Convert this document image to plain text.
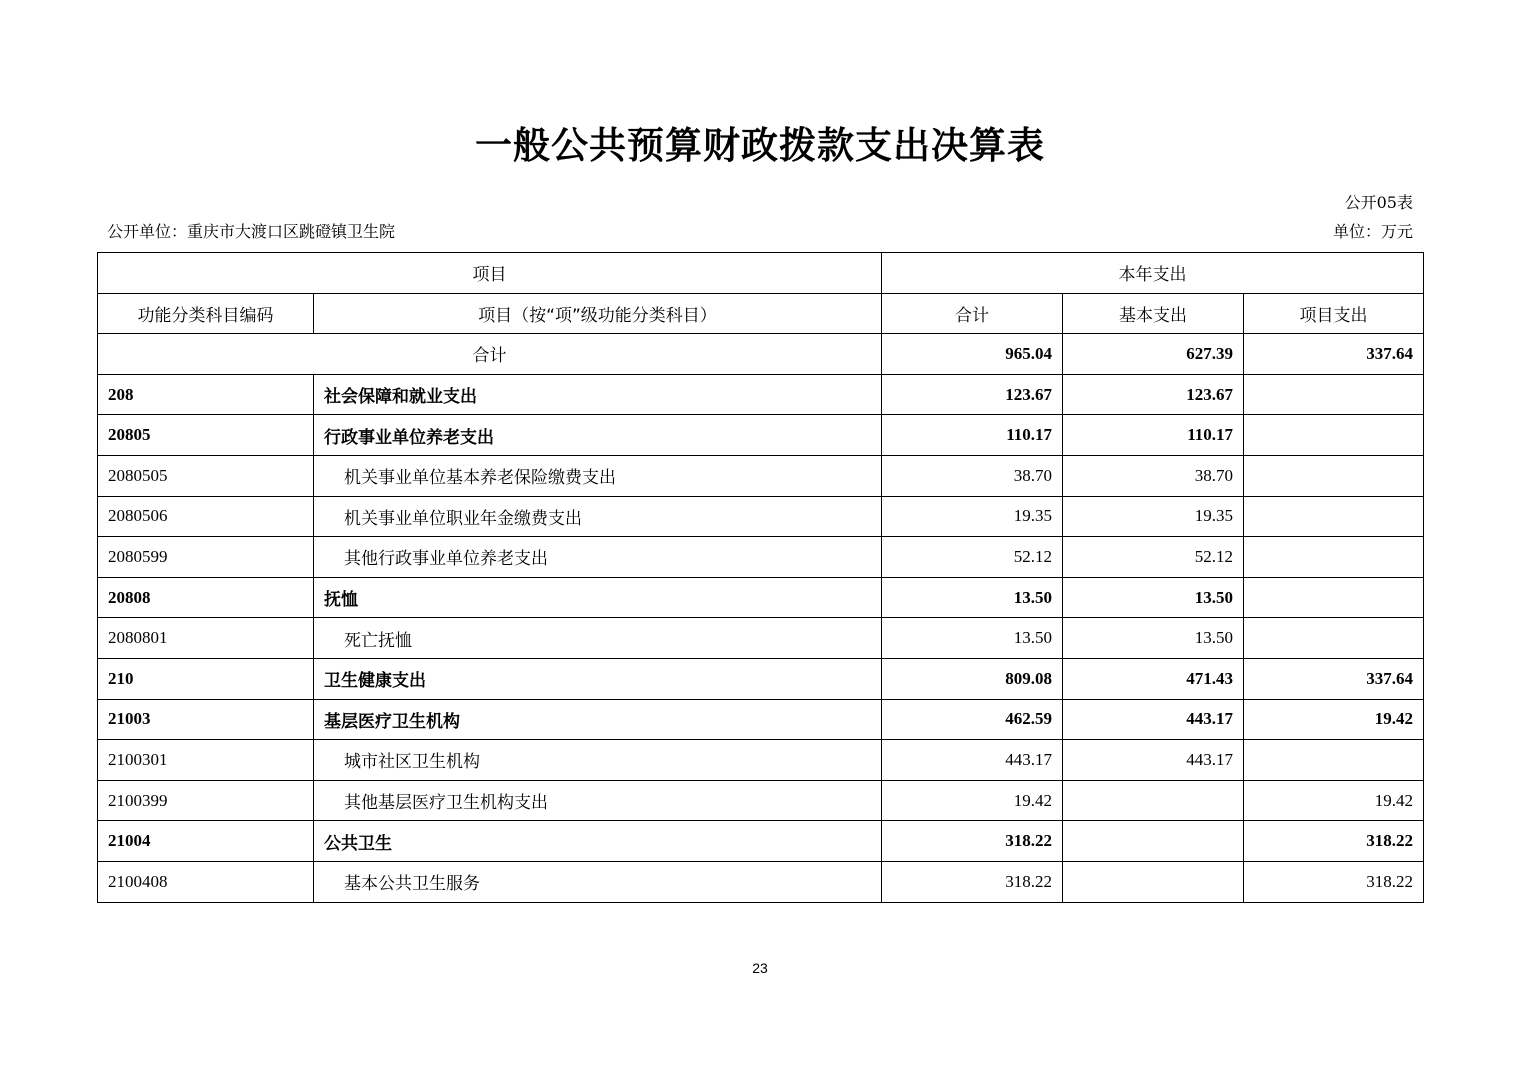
一般公共预算财政拨款支出决算表
公开05表
公开单位：重庆市大渡口区跳磴镇卫生院	单位：万元
项目		本年支出		
功能分类科目编码	项目（按“项”级功能分类科目）	合计	基本支出	项目支出
合计		965.04	627.39	337.64
208	社会保障和就业支出	123.67	123.67	
20805	行政事业单位养老支出	110.17	110.17	
2080505	机关事业单位基本养老保险缴费支出	38.70	38.70	
2080506	机关事业单位职业年金缴费支出	19.35	19.35	
2080599	其他行政事业单位养老支出	52.12	52.12	
20808	抚恤	13.50	13.50	
2080801	死亡抚恤	13.50	13.50	
210	卫生健康支出	809.08	471.43	337.64
21003	基层医疗卫生机构	462.59	443.17	19.42
2100301	城市社区卫生机构	443.17	443.17	
2100399	其他基层医疗卫生机构支出	19.42		19.42
21004	公共卫生	318.22		318.22
2100408	基本公共卫生服务	318.22		318.22
23
